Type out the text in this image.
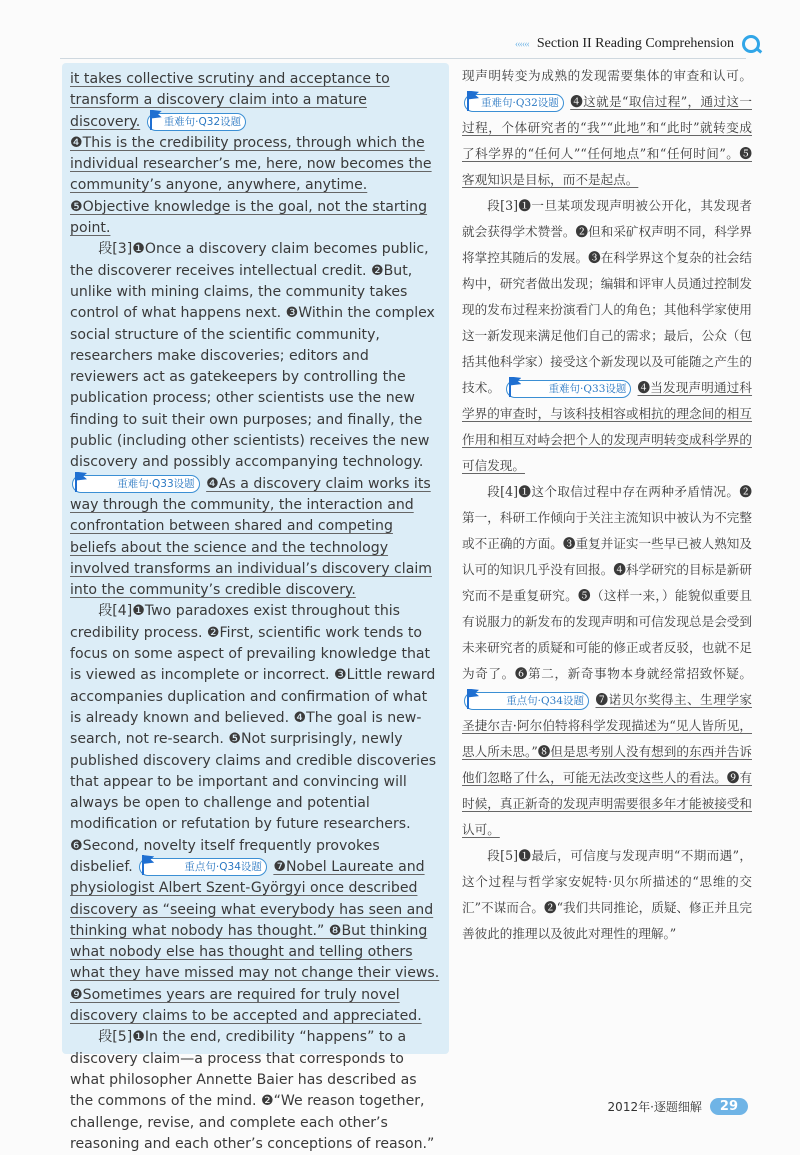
‹‹‹‹‹‹ Section II Reading Comprehension

it takes collective scrutiny and acceptance to transform a discovery claim into a mature discovery. 重难句·Q32设题

❹This is the credibility process, through which the individual researcher’s me, here, now becomes the community’s anyone, anywhere, anytime. ❺Objective knowledge is the goal, not the starting point.

段[3]❶Once a discovery claim becomes public, the discoverer receives intellectual credit. ❷But, unlike with mining claims, the community takes control of what happens next. ❸Within the complex social structure of the scientific community, researchers make discoveries; editors and reviewers act as gatekeepers by controlling the publication process; other scientists use the new finding to suit their own purposes; and finally, the public (including other scientists) receives the new discovery and possibly accompanying technology. 重难句·Q33设题 ❹As a discovery claim works its way through the community, the interaction and confrontation between shared and competing beliefs about the science and the technology involved transforms an individual’s discovery claim into the community’s credible discovery.

段[4]❶Two paradoxes exist throughout this credibility process. ❷First, scientific work tends to focus on some aspect of prevailing knowledge that is viewed as incomplete or incorrect. ❸Little reward accompanies duplication and confirmation of what is already known and believed. ❹The goal is new-search, not re-search. ❺Not surprisingly, newly published discovery claims and credible discoveries that appear to be important and convincing will always be open to challenge and potential modification or refutation by future researchers. ❻Second, novelty itself frequently provokes disbelief.	重点句·Q34设题 ❼Nobel Laureate and physiologist Albert Szent-Györgyi once described discovery as “seeing what everybody has seen and thinking what nobody has thought.” ❽But thinking what nobody else has thought and telling others what they have missed may not change their views. ❾Sometimes years are required for truly novel discovery claims to be accepted and appreciated.

段[5]❶In the end, credibility “happens” to a discovery claim—a process that corresponds to what philosopher Annette Baier has described as the commons of the mind. ❷“We reason together, challenge, revise, and complete each other’s reasoning and each other’s conceptions of reason.”

现声明转变为成熟的发现需要集体的审查和认可。 重难句·Q32设题 ❹这就是“取信过程”，通过这一过程，个体研究者的“我”“此地”和“此时”就转变成了科学界的“任何人”“任何地点”和“任何时间”。❺客观知识是目标，而不是起点。

段[3]❶一旦某项发现声明被公开化，其发现者就会获得学术赞誉。❷但和采矿权声明不同，科学界将掌控其随后的发展。❸在科学界这个复杂的社会结构中，研究者做出发现；编辑和评审人员通过控制发现的发布过程来扮演看门人的角色；其他科学家使用这一新发现来满足他们自己的需求；最后，公众（包括其他科学家）接受这个新发现以及可能随之产生的技术。	重难句·Q33设题 ❹当发现声明通过科学界的审查时，与该科技相容或相抗的理念间的相互作用和相互对峙会把个人的发现声明转变成科学界的可信发现。

段[4]❶这个取信过程中存在两种矛盾情况。❷第一，科研工作倾向于关注主流知识中被认为不完整或不正确的方面。❸重复并证实一些早已被人熟知及认可的知识几乎没有回报。❹科学研究的目标是新研究而不是重复研究。❺（这样一来，）能貌似重要且有说服力的新发布的发现声明和可信发现总是会受到未来研究者的质疑和可能的修正或者反驳，也就不足为奇了。❻第二，新奇事物本身就经常招致怀疑。 重点句·Q34设题 ❼诺贝尔奖得主、生理学家圣捷尔吉·阿尔伯特将科学发现描述为“见人皆所见，思人所未思。”❽但是思考别人没有想到的东西并告诉他们忽略了什么，可能无法改变这些人的看法。❾有时候，真正新奇的发现声明需要很多年才能被接受和认可。

段[5]❶最后，可信度与发现声明“不期而遇”，这个过程与哲学家安妮特·贝尔所描述的“思维的交汇”不谋而合。❷“我们共同推论，质疑、修正并且完善彼此的推理以及彼此对理性的理解。”

2012年·逐题细解	29
